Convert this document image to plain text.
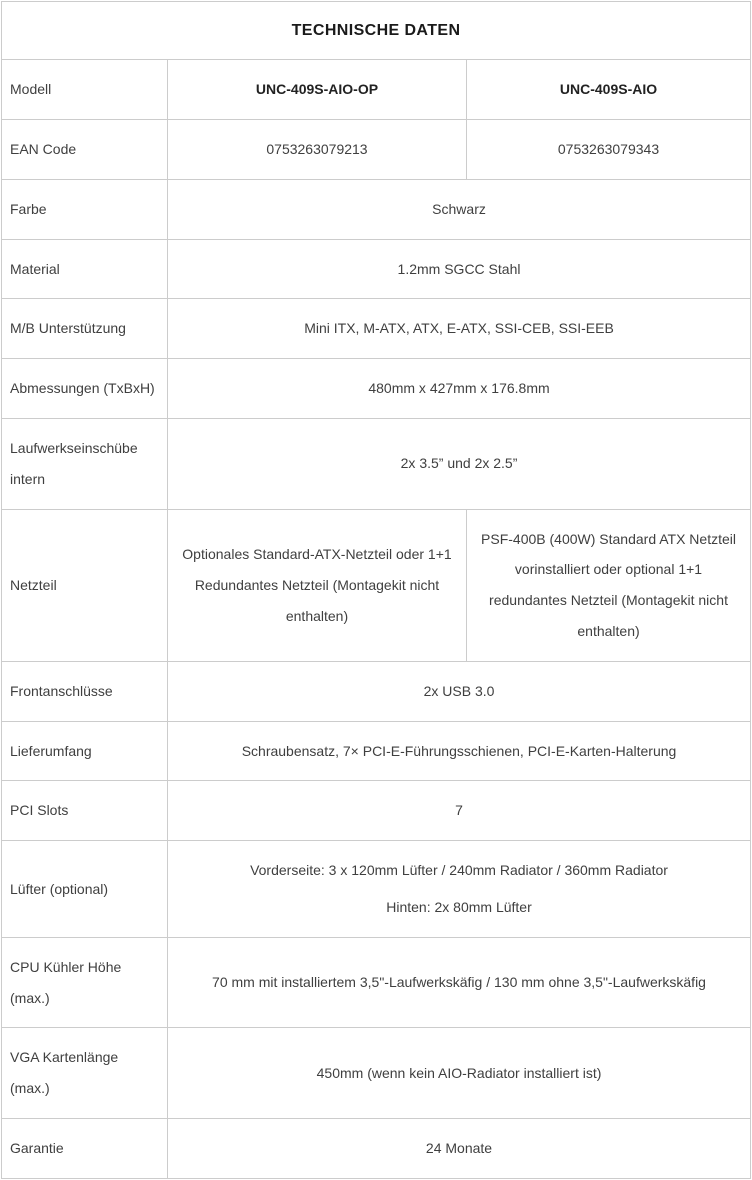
TECHNISCHE DATEN		
Modell	UNC-409S-AIO-OP	UNC-409S-AIO
EAN Code	0753263079213	0753263079343
Farbe	Schwarz	
Material	1.2mm SGCC Stahl	
M/B Unterstützung	Mini ITX, M-ATX, ATX, E-ATX, SSI-CEB, SSI-EEB	
Abmessungen (TxBxH)	480mm x 427mm x 176.8mm	
Laufwerkseinschübe intern	2x 3.5” und 2x 2.5”	
Netzteil	Optionales Standard-ATX-Netzteil oder 1+1 Redundantes Netzteil (Montagekit nicht enthalten)	PSF-400B (400W) Standard ATX Netzteil vorinstalliert oder optional 1+1 redundantes Netzteil (Montagekit nicht enthalten)
Frontanschlüsse	2x USB 3.0	
Lieferumfang	Schraubensatz, 7× PCI-E-Führungsschienen, PCI-E-Karten-Halterung	
PCI Slots	7	
Lüfter (optional)	Vorderseite: 3 x 120mm Lüfter / 240mm Radiator / 360mm Radiator
Hinten: 2x 80mm Lüfter	

CPU Kühler Höhe (max.)	70 mm mit installiertem 3,5"-Laufwerkskäfig / 130 mm ohne 3,5"-Laufwerkskäfig	
VGA Kartenlänge (max.)	450mm (wenn kein AIO-Radiator installiert ist)	
Garantie	24 Monate	
